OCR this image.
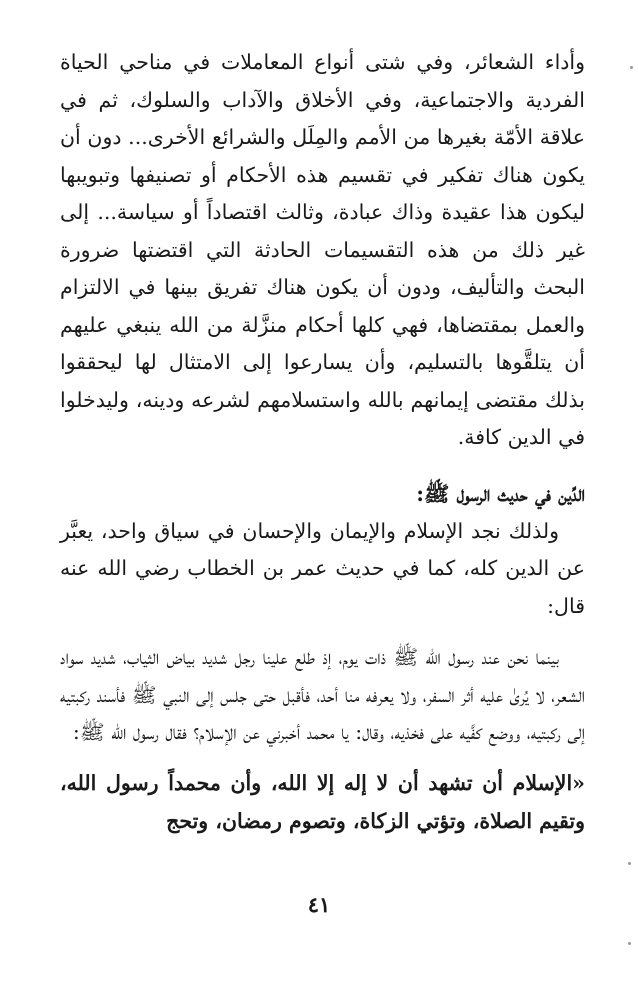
وأداء الشعائر، وفي شتى أنواع المعاملات في مناحي الحياة الفردية والاجتماعية، وفي الأخلاق والآداب والسلوك، ثم في علاقة الأمّة بغيرها من الأمم والمِلَل والشرائع الأخرى... دون أن يكون هناك تفكير في تقسيم هذه الأحكام أو تصنيفها وتبويبها ليكون هذا عقيدة وذاك عبادة، وثالث اقتصاداً أو سياسة... إلى غير ذلك من هذه التقسيمات الحادثة التي اقتضتها ضرورة البحث والتأليف، ودون أن يكون هناك تفريق بينها في الالتزام والعمل بمقتضاها، فهي كلها أحكام منزَّلة من الله ينبغي عليهم أن يتلقَّوها بالتسليم، وأن يسارعوا إلى الامتثال لها ليحققوا بذلك مقتضى إيمانهم بالله واستسلامهم لشرعه ودينه، وليدخلوا في الدين كافة.

الدِّين في حديث الرسول ﷺ:

ولذلك نجد الإسلام والإيمان والإحسان في سياق واحد، يعبَّر عن الدين كله، كما في حديث عمر بن الخطاب رضي الله عنه قال:

بينما نحن عند رسول الله ﷺ ذات يوم، إذ طلع علينا رجل شديد بياض الثياب، شديد سواد الشعر، لا يُرىٰ عليه أثر السفر، ولا يعرفه منا أحد، فأقبل حتى جلس إلى النبي ﷺ فأسند ركبتيه إلى ركبتيه، ووضع كفَّيه على فخذيه، وقال: يا محمد أخبرني عن الإسلام؟ فقال رسول الله ﷺ:

«الإسلام أن تشهد أن لا إله إلا الله، وأن محمداً رسول الله، وتقيم الصلاة، وتؤتي الزكاة، وتصوم رمضان، وتحج

٤١
